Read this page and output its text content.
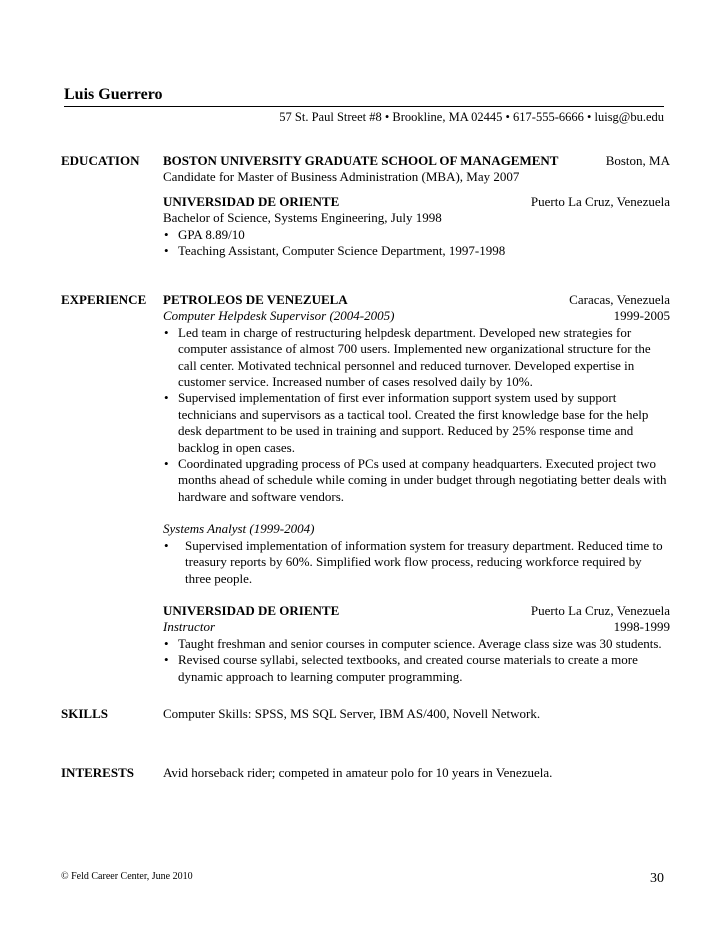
Luis Guerrero
57 St. Paul Street #8 • Brookline, MA 02445 • 617-555-6666 • luisg@bu.edu
EDUCATION BOSTON UNIVERSITY GRADUATE SCHOOL OF MANAGEMENT	Boston, MA
Candidate for Master of Business Administration (MBA), May 2007
UNIVERSIDAD DE ORIENTE	Puerto La Cruz, Venezuela
Bachelor of Science, Systems Engineering, July 1998
• GPA 8.89/10
• Teaching Assistant, Computer Science Department, 1997-1998
EXPERIENCE PETROLEOS DE VENEZUELA	Caracas, Venezuela
Computer Helpdesk Supervisor (2004-2005)	1999-2005
• Led team in charge of restructuring helpdesk department. Developed new strategies for computer assistance of almost 700 users. Implemented new organizational structure for the call center. Motivated technical personnel and reduced turnover. Developed expertise in customer service. Increased number of cases resolved daily by 10%.
• Supervised implementation of first ever information support system used by support technicians and supervisors as a tactical tool. Created the first knowledge base for the help desk department to be used in training and support. Reduced by 25% response time and backlog in open cases.
• Coordinated upgrading process of PCs used at company headquarters. Executed project two months ahead of schedule while coming in under budget through negotiating better deals with hardware and software vendors.
Systems Analyst (1999-2004)
• Supervised implementation of information system for treasury department. Reduced time to treasury reports by 60%. Simplified work flow process, reducing workforce required by three people.
UNIVERSIDAD DE ORIENTE	Puerto La Cruz, Venezuela
Instructor	1998-1999
• Taught freshman and senior courses in computer science. Average class size was 30 students.
• Revised course syllabi, selected textbooks, and created course materials to create a more dynamic approach to learning computer programming.
SKILLS	Computer Skills: SPSS, MS SQL Server, IBM AS/400, Novell Network.
INTERESTS Avid horseback rider; competed in amateur polo for 10 years in Venezuela.
© Feld Career Center, June 2010	30
